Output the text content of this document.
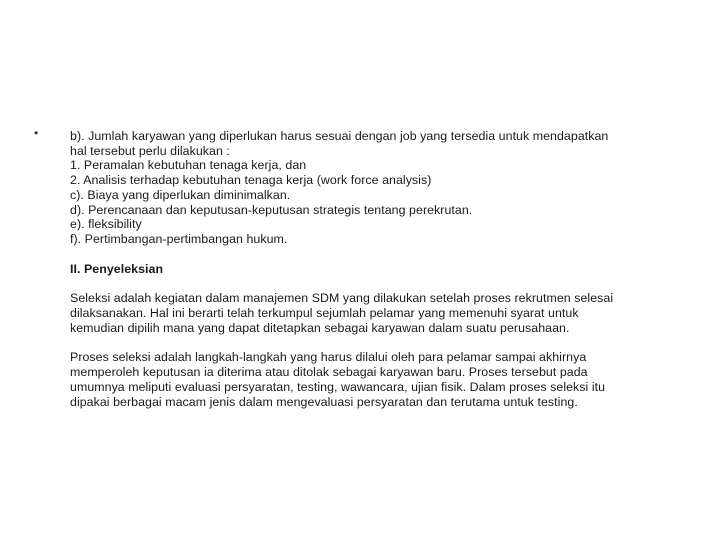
•	b). Jumlah karyawan yang diperlukan harus sesuai dengan job yang tersedia untuk mendapatkan
hal tersebut perlu dilakukan :
1. Peramalan kebutuhan tenaga kerja, dan
2. Analisis terhadap kebutuhan tenaga kerja (work force analysis)
c). Biaya yang diperlukan diminimalkan.
d). Perencanaan dan keputusan-keputusan strategis tentang perekrutan.
e). fleksibility
f). Pertimbangan-pertimbangan hukum.
II. Penyeleksian
Seleksi adalah kegiatan dalam manajemen SDM yang dilakukan setelah proses rekrutmen selesai
dilaksanakan. Hal ini berarti telah terkumpul sejumlah pelamar yang memenuhi syarat untuk
kemudian dipilih mana yang dapat ditetapkan sebagai karyawan dalam suatu perusahaan.
Proses seleksi adalah langkah-langkah yang harus dilalui oleh para pelamar sampai akhirnya
memperoleh keputusan ia diterima atau ditolak sebagai karyawan baru. Proses tersebut pada
umumnya meliputi evaluasi persyaratan, testing, wawancara, ujian fisik. Dalam proses seleksi itu
dipakai berbagai macam jenis dalam mengevaluasi persyaratan dan terutama untuk testing.
